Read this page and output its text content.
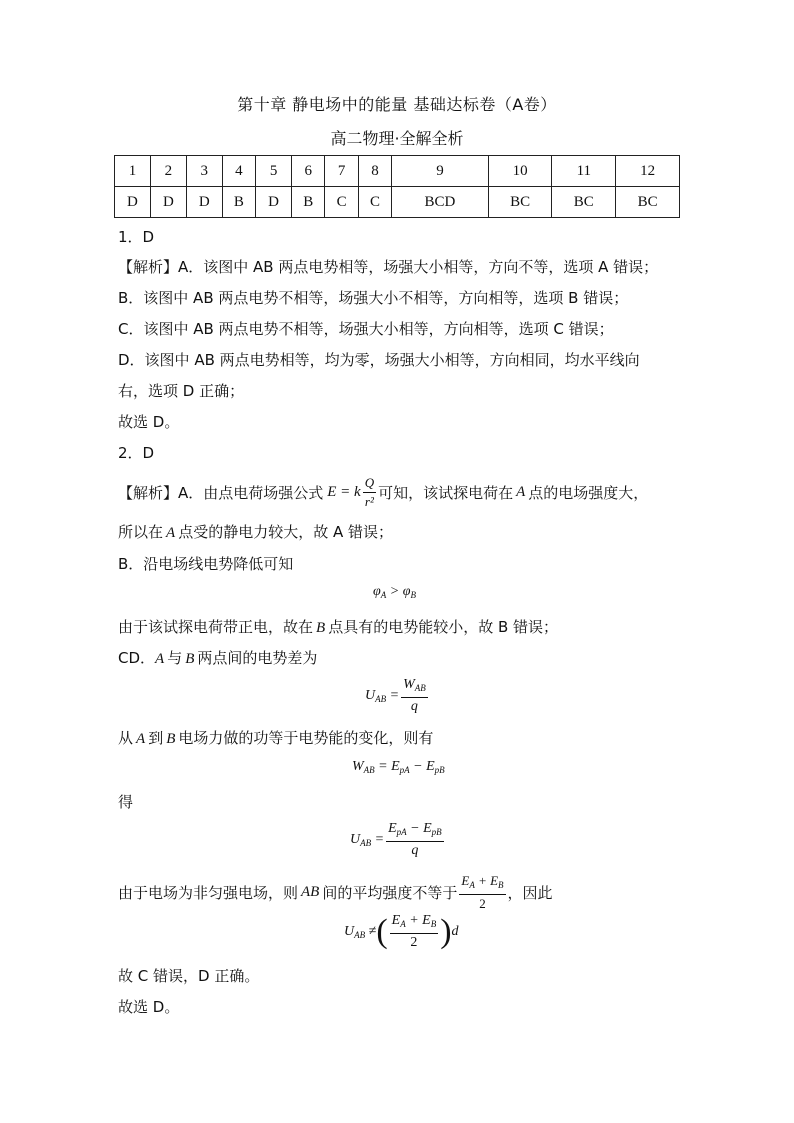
第十章 静电场中的能量 基础达标卷（A卷）
高二物理·全解全析
1	2	3	4	5	6	7	8	9	10	11	12
D	D	D	B	D	B	C	C	BCD	BC	BC	BC
1．D
【解析】A．该图中 AB 两点电势相等，场强大小相等，方向不等，选项 A 错误；
B．该图中 AB 两点电势不相等，场强大小不相等，方向相等，选项 B 错误；
C．该图中 AB 两点电势不相等，场强大小相等，方向相等，选项 C 错误；
D．该图中 AB 两点电势相等，均为零，场强大小相等，方向相同，均水平线向
右，选项 D 正确；
故选 D。
2．D
【解析】A．由点电荷场强公式 E = k $\frac{Q}{\text{r²}}$ 可知，该试探电荷在 A 点的电场强度大，
所以在 A 点受的静电力较大，故 A 错误；
B．沿电场线电势降低可知
$\varphi_A > \varphi_B$
由于该试探电荷带正电，故在 B 点具有的电势能较小，故 B 错误；
CD．A 与 B 两点间的电势差为
$U_{AB} = \frac{W_{AB}}{q}$
从 A 到 B 电场力做的功等于电势能的变化，则有
$W_{AB} = E_{pA} - E_{pB}$
得
$U_{AB} = \frac{E_{pA} - E_{pB}}{q}$
由于电场为非匀强电场，则 AB 间的平均强度不等于 $\frac{E_A + E_B}{2}$ ，因此
$U_{AB}$ ≠ ( $\frac{E_A + E_B}{2}$ ) d
故 C 错误，D 正确。
故选 D。
